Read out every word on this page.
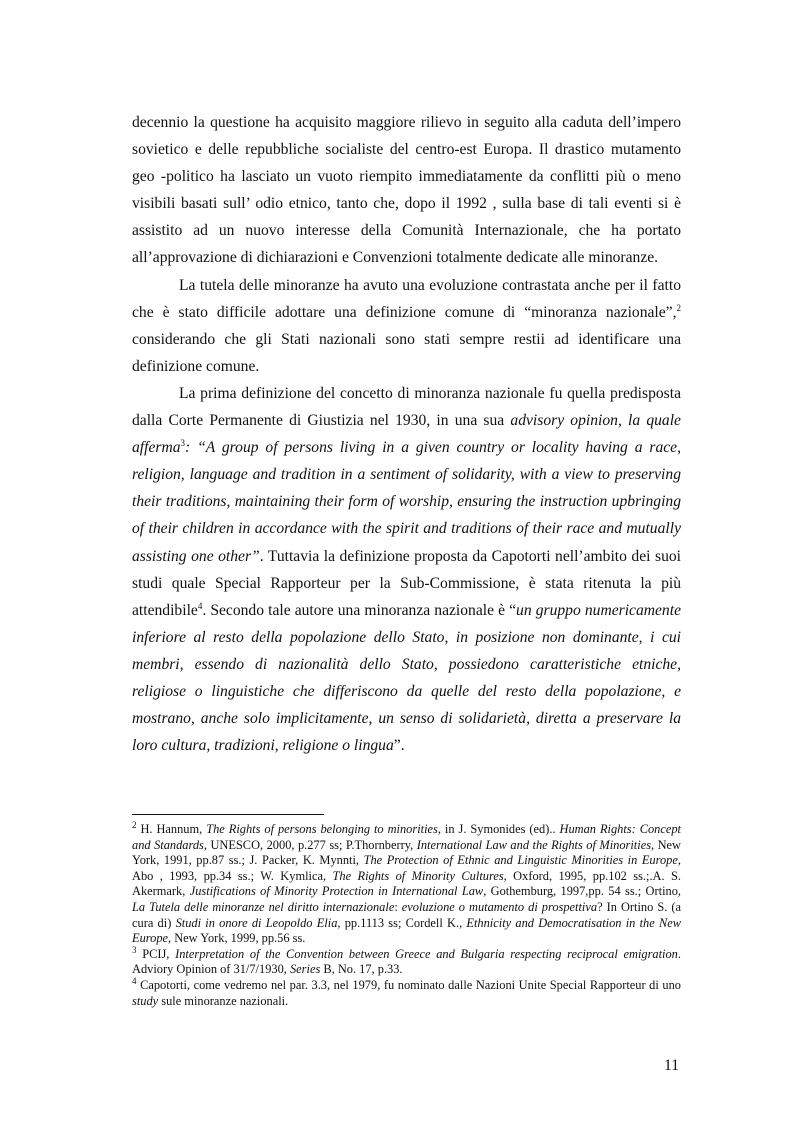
decennio la questione ha acquisito maggiore rilievo in seguito alla caduta dell’impero sovietico e delle repubbliche socialiste del centro-est Europa. Il drastico mutamento geo -politico ha lasciato un vuoto riempito immediatamente da conflitti più o meno visibili basati sull’ odio etnico, tanto che, dopo il 1992 , sulla base di tali eventi si è assistito ad un nuovo interesse della Comunità Internazionale, che ha portato all’approvazione di dichiarazioni e Convenzioni totalmente dedicate alle minoranze.

La tutela delle minoranze ha avuto una evoluzione contrastata anche per il fatto che è stato difficile adottare una definizione comune di “minoranza nazionale”,$^2$ considerando che gli Stati nazionali sono stati sempre restii ad identificare una definizione comune.

La prima definizione del concetto di minoranza nazionale fu quella predisposta dalla Corte Permanente di Giustizia nel 1930, in una sua advisory opinion, la quale afferma$^3$: “A group of persons living in a given country or locality having a race, religion, language and tradition in a sentiment of solidarity, with a view to preserving their traditions, maintaining their form of worship, ensuring the instruction upbringing of their children in accordance with the spirit and traditions of their race and mutually assisting one other”. Tuttavia la definizione proposta da Capotorti nell’ambito dei suoi studi quale Special Rapporteur per la Sub-Commissione, è stata ritenuta la più attendibile$^4$. Secondo tale autore una minoranza nazionale è “un gruppo numericamente inferiore al resto della popolazione dello Stato, in posizione non dominante, i cui membri, essendo di nazionalità dello Stato, possiedono caratteristiche etniche, religiose o linguistiche che differiscono da quelle del resto della popolazione, e mostrano, anche solo implicitamente, un senso di solidarietà, diretta a preservare la loro cultura, tradizioni, religione o lingua”.

$^2$ H. Hannum, The Rights of persons belonging to minorities, in J. Symonides (ed).. Human Rights: Concept and Standards, UNESCO, 2000, p.277 ss; P.Thornberry, International Law and the Rights of Minorities, New York, 1991, pp.87 ss.; J. Packer, K. Mynnti, The Protection of Ethnic and Linguistic Minorities in Europe, Abo , 1993, pp.34 ss.; W. Kymlica, The Rights of Minority Cultures, Oxford, 1995, pp.102 ss.;.A. S. Akermark, Justifications of Minority Protection in International Law, Gothemburg, 1997,pp. 54 ss.; Ortino, La Tutela delle minoranze nel diritto internazionale: evoluzione o mutamento di prospettiva? In Ortino S. (a cura di) Studi in onore di Leopoldo Elia, pp.1113 ss; Cordell K., Ethnicity and Democratisation in the New Europe, New York, 1999, pp.56 ss.

$^3$ PCIJ, Interpretation of the Convention between Greece and Bulgaria respecting reciprocal emigration. Adviory Opinion of 31/7/1930, Series B, No. 17, p.33.

$^4$ Capotorti, come vedremo nel par. 3.3, nel 1979, fu nominato dalle Nazioni Unite Special Rapporteur di uno study sule minoranze nazionali.

11
